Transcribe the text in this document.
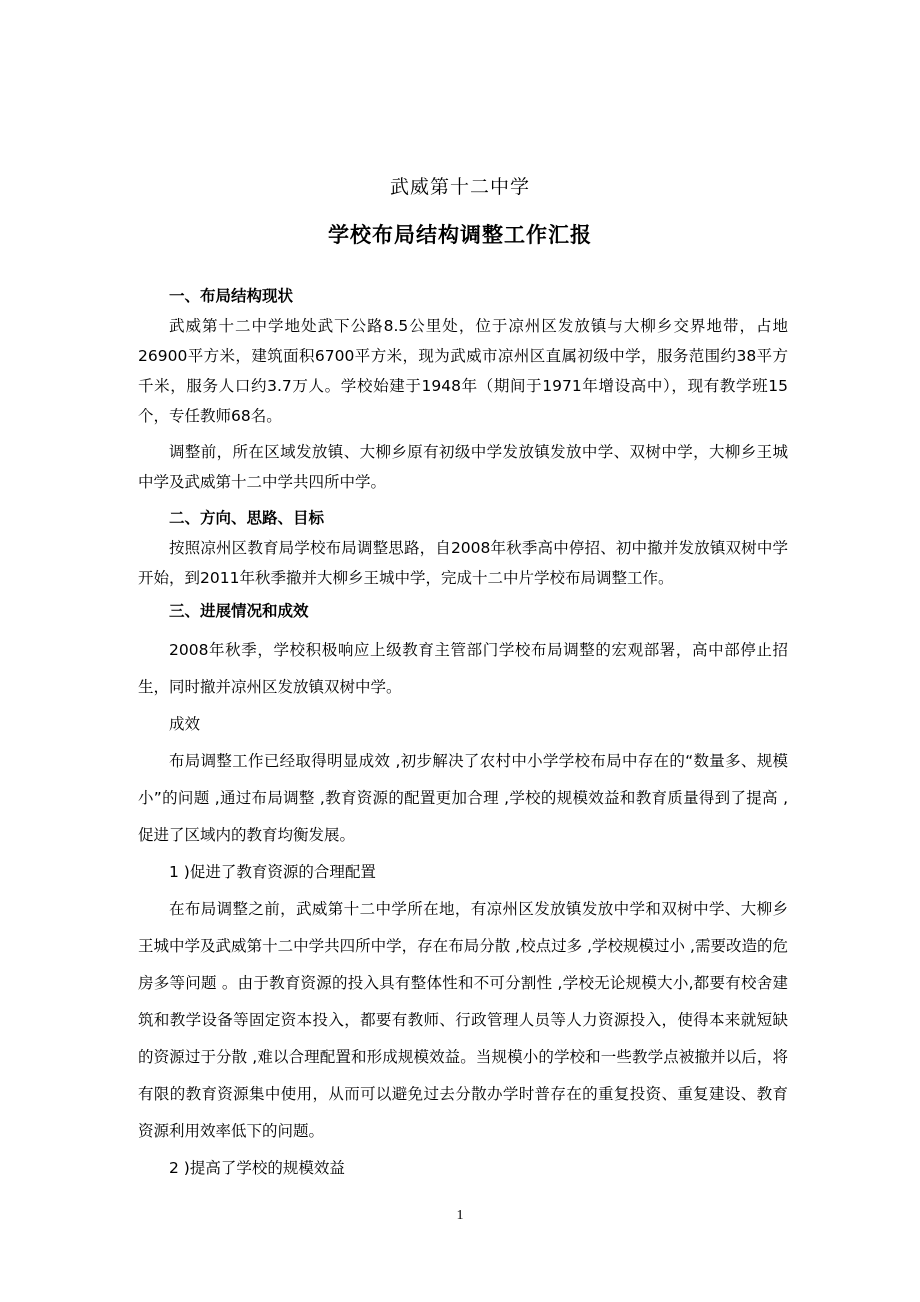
武威第十二中学
学校布局结构调整工作汇报
一、布局结构现状

武威第十二中学地处武下公路8.5公里处，位于凉州区发放镇与大柳乡交界地带，占地26900平方米，建筑面积6700平方米，现为武威市凉州区直属初级中学，服务范围约38平方千米，服务人口约3.7万人。学校始建于1948年（期间于1971年增设高中），现有教学班15个，专任教师68名。

调整前，所在区域发放镇、大柳乡原有初级中学发放镇发放中学、双树中学，大柳乡王城中学及武威第十二中学共四所中学。

二、方向、思路、目标

按照凉州区教育局学校布局调整思路，自2008年秋季高中停招、初中撤并发放镇双树中学开始，到2011年秋季撤并大柳乡王城中学，完成十二中片学校布局调整工作。

三、进展情况和成效

2008年秋季，学校积极响应上级教育主管部门学校布局调整的宏观部署，高中部停止招生，同时撤并凉州区发放镇双树中学。

成效

布局调整工作已经取得明显成效 ,初步解决了农村中小学学校布局中存在的“数量多、规模小”的问题 ,通过布局调整 ,教育资源的配置更加合理 ,学校的规模效益和教育质量得到了提高 ,促进了区域内的教育均衡发展。

1 )促进了教育资源的合理配置

在布局调整之前，武威第十二中学所在地，有凉州区发放镇发放中学和双树中学、大柳乡王城中学及武威第十二中学共四所中学，存在布局分散 ,校点过多 ,学校规模过小 ,需要改造的危房多等问题 。由于教育资源的投入具有整体性和不可分割性 ,学校无论规模大小,都要有校舍建筑和教学设备等固定资本投入，都要有教师、行政管理人员等人力资源投入，使得本来就短缺的资源过于分散 ,难以合理配置和形成规模效益。当规模小的学校和一些教学点被撤并以后，将有限的教育资源集中使用，从而可以避免过去分散办学时普存在的重复投资、重复建设、教育资源利用效率低下的问题。

2 )提高了学校的规模效益

1
